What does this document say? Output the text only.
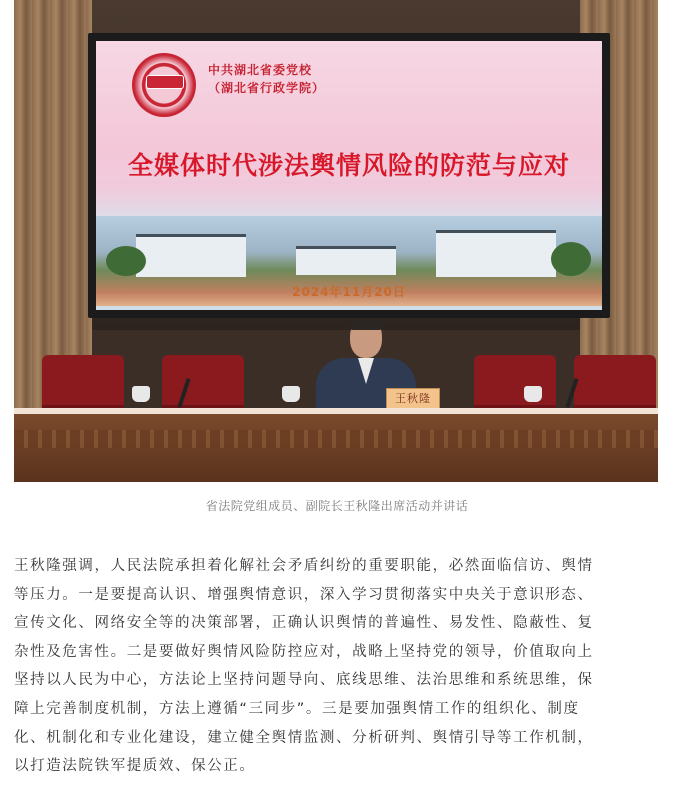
中共湖北省委党校
（湖北省行政学院）
全媒体时代涉法舆情风险的防范与应对
2024年11月20日
王秋隆
省法院党组成员、副院长王秋隆出席活动并讲话
王秋隆强调，人民法院承担着化解社会矛盾纠纷的重要职能，必然面临信访、舆情
等压力。一是要提高认识、增强舆情意识，深入学习贯彻落实中央关于意识形态、
宣传文化、网络安全等的决策部署，正确认识舆情的普遍性、易发性、隐蔽性、复
杂性及危害性。二是要做好舆情风险防控应对，战略上坚持党的领导，价值取向上
坚持以人民为中心，方法论上坚持问题导向、底线思维、法治思维和系统思维，保
障上完善制度机制，方法上遵循“三同步”。三是要加强舆情工作的组织化、制度
化、机制化和专业化建设，建立健全舆情监测、分析研判、舆情引导等工作机制，
以打造法院铁军提质效、保公正。
